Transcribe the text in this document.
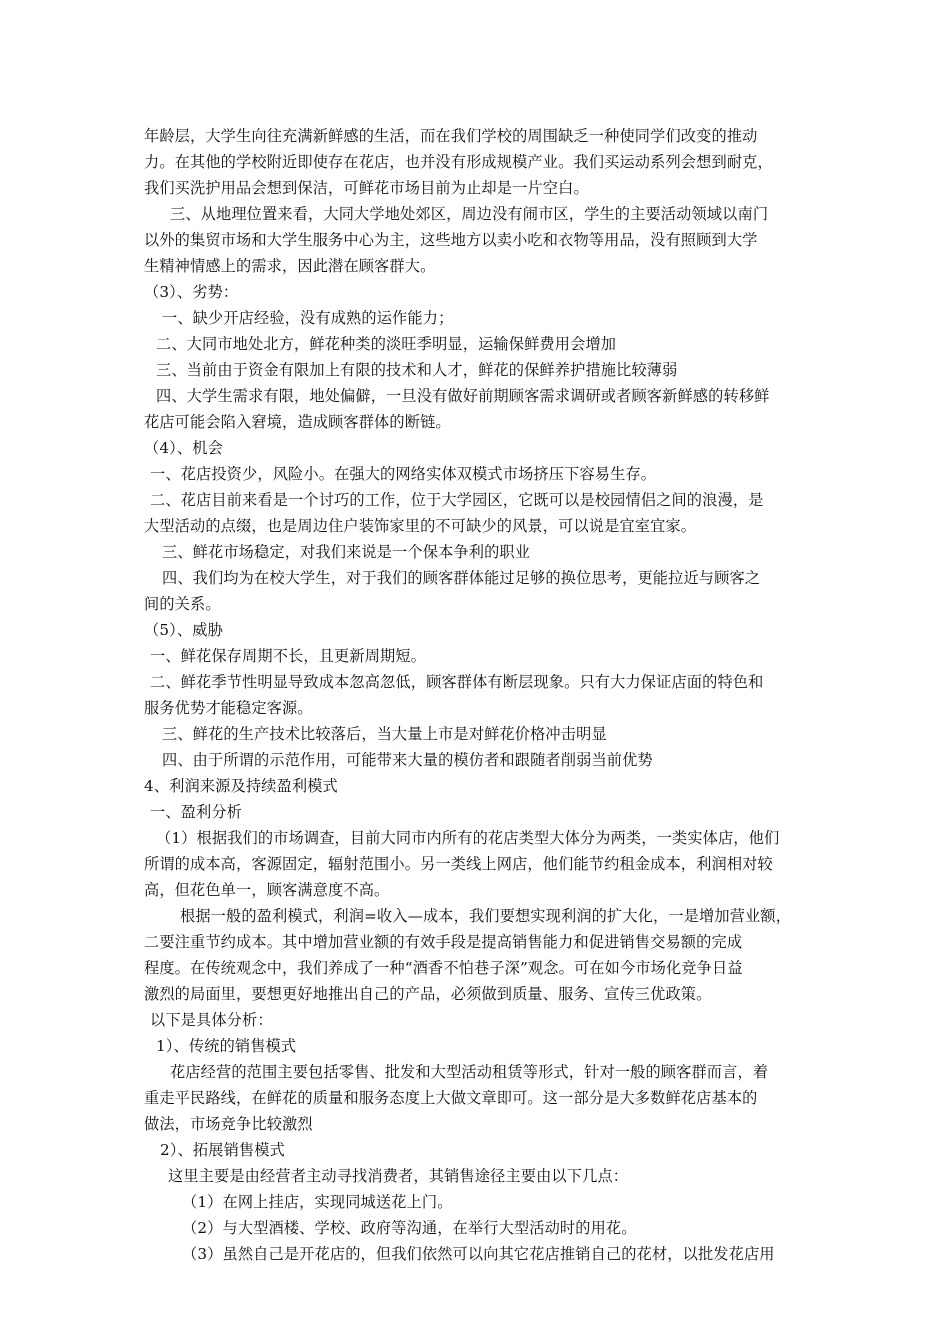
年龄层，大学生向往充满新鲜感的生活，而在我们学校的周围缺乏一种使同学们改变的推动
力。在其他的学校附近即使存在花店，也并没有形成规模产业。我们买运动系列会想到耐克，
我们买洗护用品会想到保洁，可鲜花市场目前为止却是一片空白。
三、从地理位置来看，大同大学地处郊区，周边没有闹市区，学生的主要活动领域以南门
以外的集贸市场和大学生服务中心为主，这些地方以卖小吃和衣物等用品，没有照顾到大学
生精神情感上的需求，因此潜在顾客群大。
（3）、劣势：
一、缺少开店经验，没有成熟的运作能力；
二、大同市地处北方，鲜花种类的淡旺季明显，运输保鲜费用会增加
三、当前由于资金有限加上有限的技术和人才，鲜花的保鲜养护措施比较薄弱
四、大学生需求有限，地处偏僻，一旦没有做好前期顾客需求调研或者顾客新鲜感的转移鲜
花店可能会陷入窘境，造成顾客群体的断链。
（4）、机会
一、花店投资少，风险小。在强大的网络实体双模式市场挤压下容易生存。
二、花店目前来看是一个讨巧的工作，位于大学园区，它既可以是校园情侣之间的浪漫，是
大型活动的点缀，也是周边住户装饰家里的不可缺少的风景，可以说是宜室宜家。
三、鲜花市场稳定，对我们来说是一个保本争利的职业
四、我们均为在校大学生，对于我们的顾客群体能过足够的换位思考，更能拉近与顾客之
间的关系。
（5）、威胁
一、鲜花保存周期不长，且更新周期短。
二、鲜花季节性明显导致成本忽高忽低，顾客群体有断层现象。只有大力保证店面的特色和
服务优势才能稳定客源。
三、鲜花的生产技术比较落后，当大量上市是对鲜花价格冲击明显
四、由于所谓的示范作用，可能带来大量的模仿者和跟随者削弱当前优势
4、利润来源及持续盈利模式
一、盈利分析
（1）根据我们的市场调查，目前大同市内所有的花店类型大体分为两类，一类实体店，他们
所谓的成本高，客源固定，辐射范围小。另一类线上网店，他们能节约租金成本，利润相对较
高，但花色单一，顾客满意度不高。
根据一般的盈利模式，利润=收入—成本，我们要想实现利润的扩大化，一是增加营业额，
二要注重节约成本。其中增加营业额的有效手段是提高销售能力和促进销售交易额的完成
程度。在传统观念中，我们养成了一种“酒香不怕巷子深”观念。可在如今市场化竞争日益
激烈的局面里，要想更好地推出自己的产品，必须做到质量、服务、宣传三优政策。
以下是具体分析：
1）、传统的销售模式
花店经营的范围主要包括零售、批发和大型活动租赁等形式，针对一般的顾客群而言，着
重走平民路线，在鲜花的质量和服务态度上大做文章即可。这一部分是大多数鲜花店基本的
做法，市场竞争比较激烈
2）、拓展销售模式
这里主要是由经营者主动寻找消费者，其销售途径主要由以下几点：
（1）在网上挂店，实现同城送花上门。
（2）与大型酒楼、学校、政府等沟通，在举行大型活动时的用花。
（3）虽然自己是开花店的，但我们依然可以向其它花店推销自己的花材，以批发花店用
